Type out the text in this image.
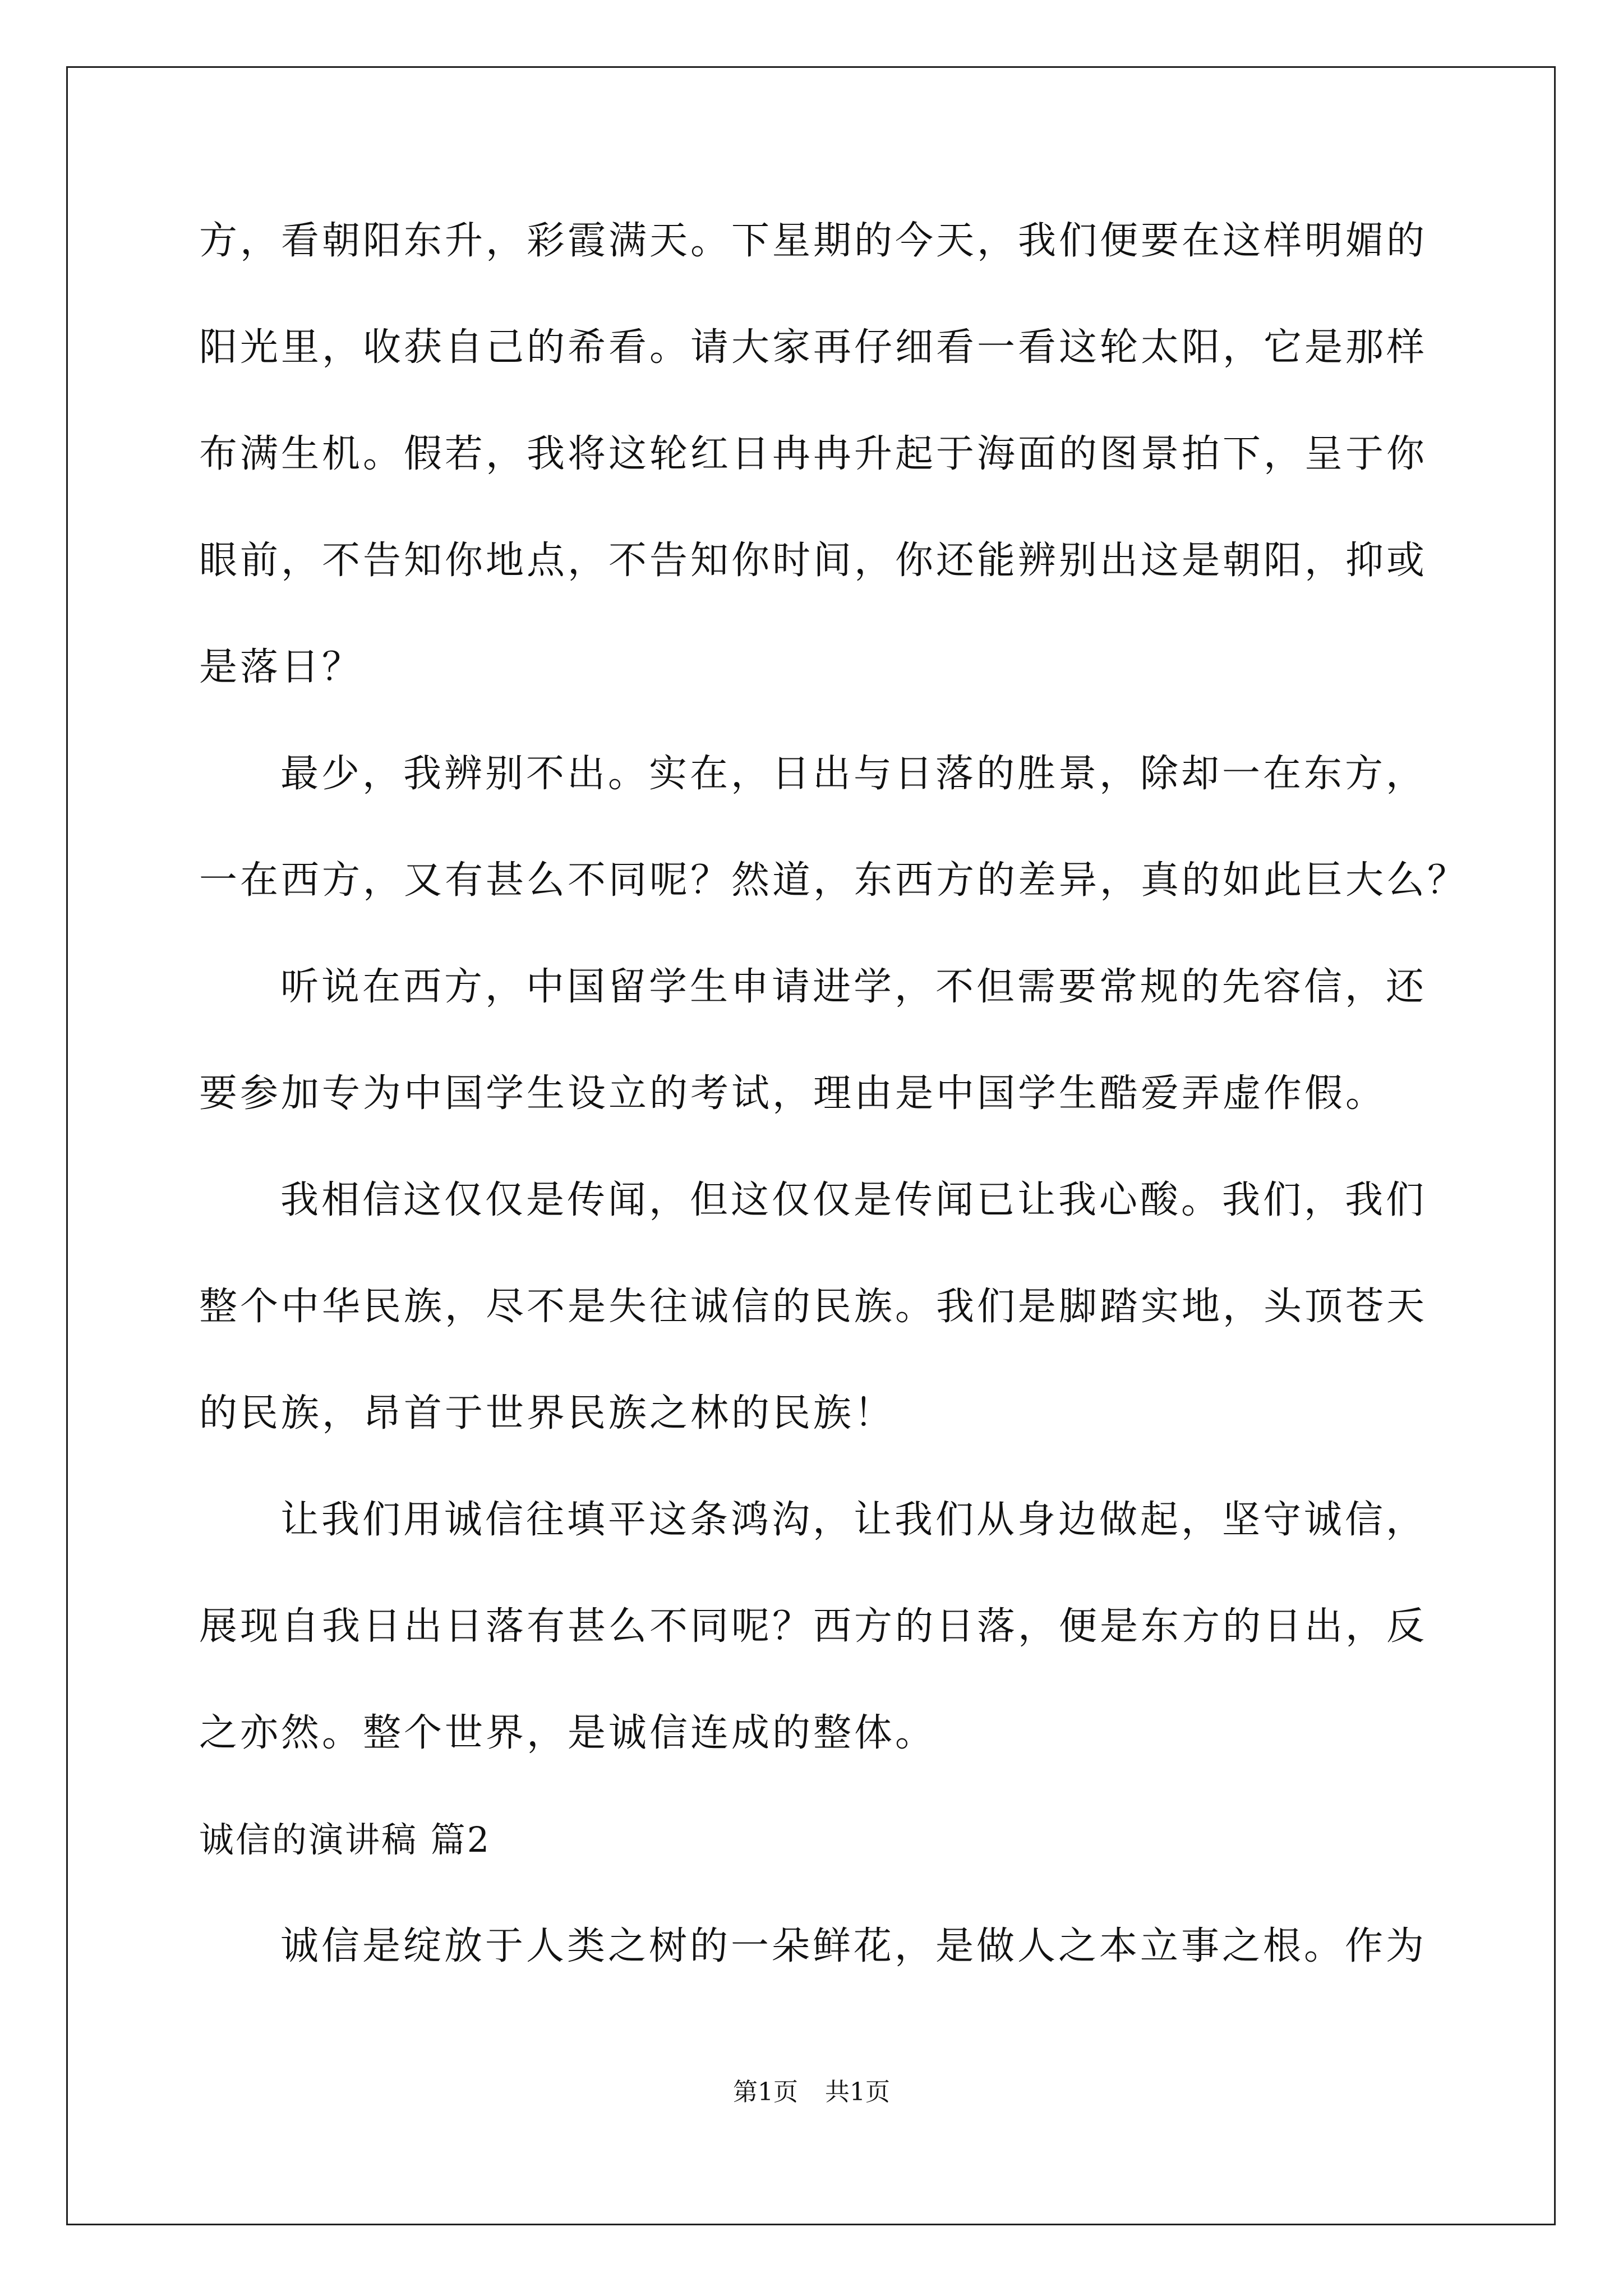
方，看朝阳东升，彩霞满天。下星期的今天，我们便要在这样明媚的
阳光里，收获自己的希看。请大家再仔细看一看这轮太阳，它是那样
布满生机。假若，我将这轮红日冉冉升起于海面的图景拍下，呈于你
眼前，不告知你地点，不告知你时间，你还能辨别出这是朝阳，抑或
是落日？
最少，我辨别不出。实在，日出与日落的胜景，除却一在东方，
一在西方，又有甚么不同呢？然道，东西方的差异，真的如此巨大么？
听说在西方，中国留学生申请进学，不但需要常规的先容信，还
要参加专为中国学生设立的考试，理由是中国学生酷爱弄虚作假。
我相信这仅仅是传闻，但这仅仅是传闻已让我心酸。我们，我们
整个中华民族，尽不是失往诚信的民族。我们是脚踏实地，头顶苍天
的民族，昂首于世界民族之林的民族！
让我们用诚信往填平这条鸿沟，让我们从身边做起，坚守诚信，
展现自我日出日落有甚么不同呢？西方的日落，便是东方的日出，反
之亦然。整个世界，是诚信连成的整体。
诚信的演讲稿 篇2
诚信是绽放于人类之树的一朵鲜花，是做人之本立事之根。作为
第1页 共1页
